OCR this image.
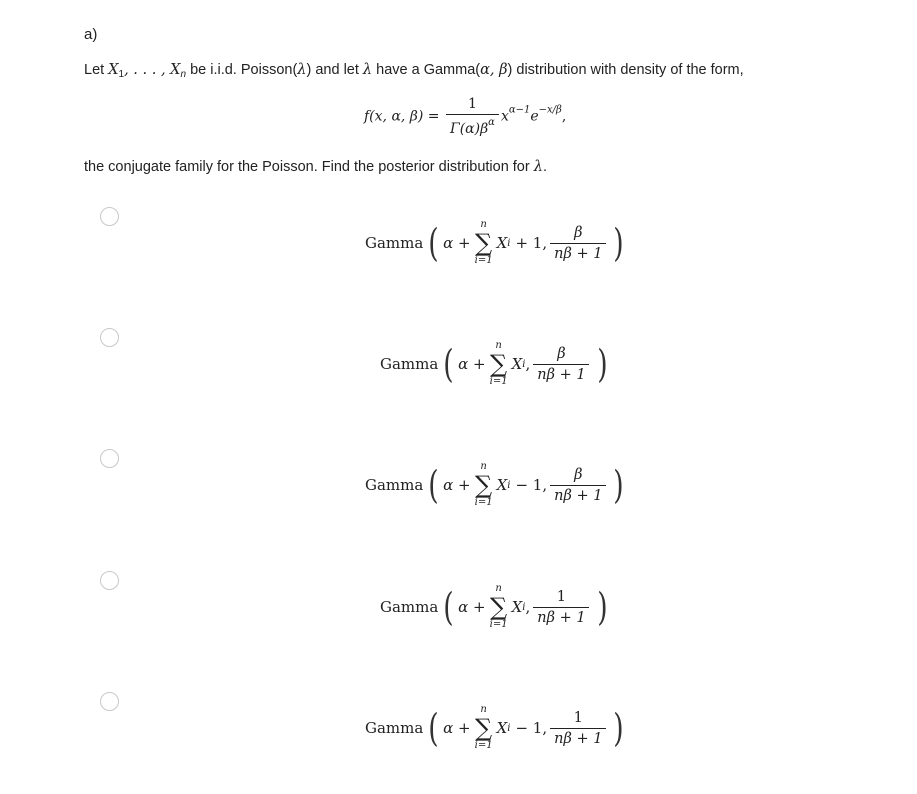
a)
Let $X_1$, . . . , $X_n$ be i.i.d. Poisson(λ) and let λ have a Gamma(α, β) distribution with density of the form,
f(x, α, $\beta) = \frac{1}{\Gamma(\alpha)\beta^\alpha} x^{\alpha-1}e^{-x/\beta}$,
the conjugate family for the Poisson. Find the posterior distribution for λ.
Gamma ( α +
n
∑
i=1
X i + 1, $\frac{\beta}{n\beta + 1}$ )
Gamma ( α +
n
∑
i=1
X i , $\frac{\beta}{n\beta + 1}$ )
Gamma ( α +
n
∑
i=1
X i − 1, $\frac{\beta}{n\beta + 1}$ )
Gamma ( α +
n
∑
i=1
X i , $\frac{1}{n\beta + 1}$ )
Gamma ( α +
n
∑
i=1
X i − 1, $\frac{1}{n\beta + 1}$ )
